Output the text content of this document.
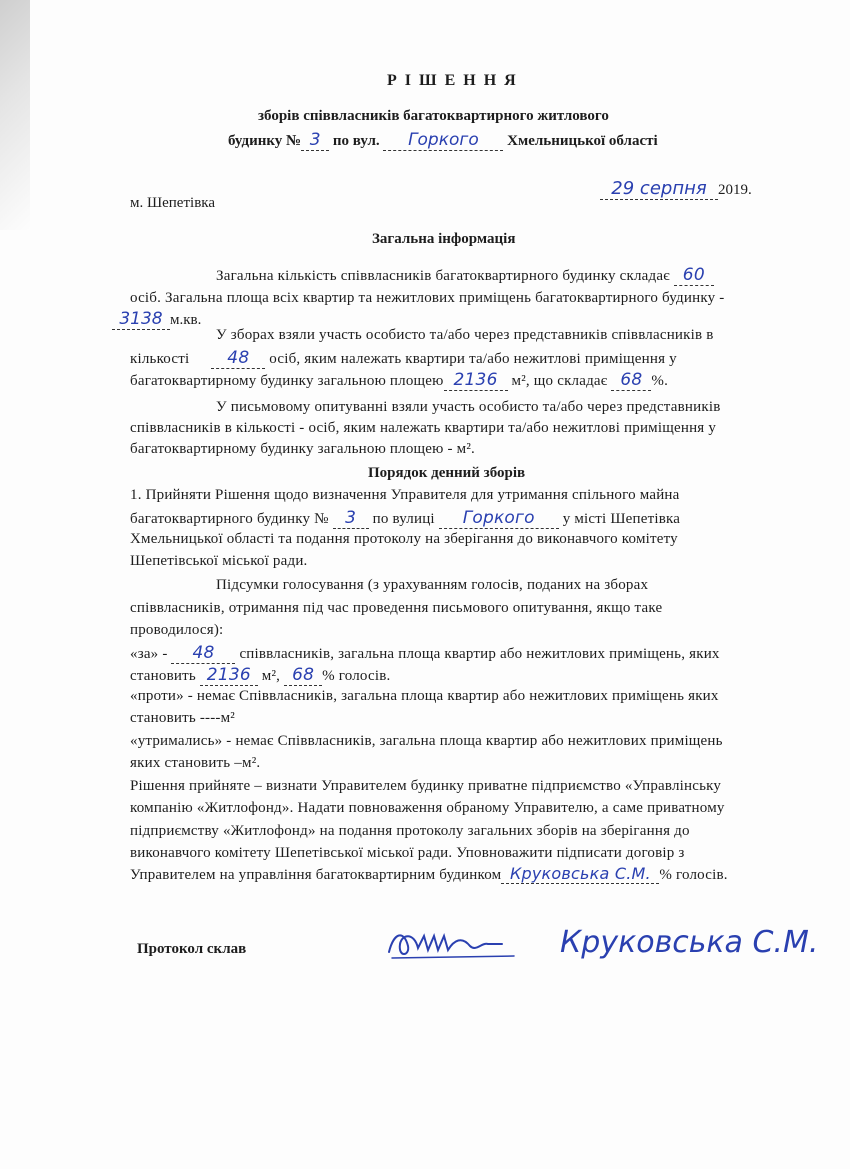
Р І Ш Е Н Н Я
зборів співвласників багатоквартирного житлового
будинку № 3 по вул. Горкого Хмельницької області
м. Шепетівка
29 серпня 2019.
Загальна інформація
Загальна кількість співвласників багатоквартирного будинку складає 60
осіб. Загальна площа всіх квартир та нежитлових приміщень багатоквартирного будинку -
3138 м.кв.
У зборах взяли участь особисто та/або через представників співвласників в
кількості 48 осіб, яким належать квартири та/або нежитлові приміщення у
багатоквартирному будинку загальною площею 2136 м², що складає 68 %.
У письмовому опитуванні взяли участь особисто та/або через представників
співвласників в кількості - осіб, яким належать квартири та/або нежитлові приміщення у
багатоквартирному будинку загальною площею - м².
Порядок денний зборів
1. Прийняти Рішення щодо визначення Управителя для утримання спільного майна
багатоквартирного будинку № 3 по вулиці Горкого у місті Шепетівка
Хмельницької області та подання протоколу на зберігання до виконавчого комітету
Шепетівської міської ради.
Підсумки голосування (з урахуванням голосів, поданих на зборах
співвласників, отримання під час проведення письмового опитування, якщо таке
проводилося):
«за» - 48 співвласників, загальна площа квартир або нежитлових приміщень, яких
становить 2136 м², 68 % голосів.
«проти» - немає Співвласників, загальна площа квартир або нежитлових приміщень яких
становить ----м²
«утримались» - немає Співвласників, загальна площа квартир або нежитлових приміщень
яких становить –м².
Рішення прийняте – визнати Управителем будинку приватне підприємство «Управлінську
компанію «Житлофонд». Надати повноваження обраному Управителю, а саме приватному
підприємству «Житлофонд» на подання протоколу загальних зборів на зберігання до
виконавчого комітету Шепетівської міської ради. Уповноважити підписати договір з
Управителем на управління багатоквартирним будинком Круковська С.М. % голосів.
Протокол склав	Круковська С.М.
